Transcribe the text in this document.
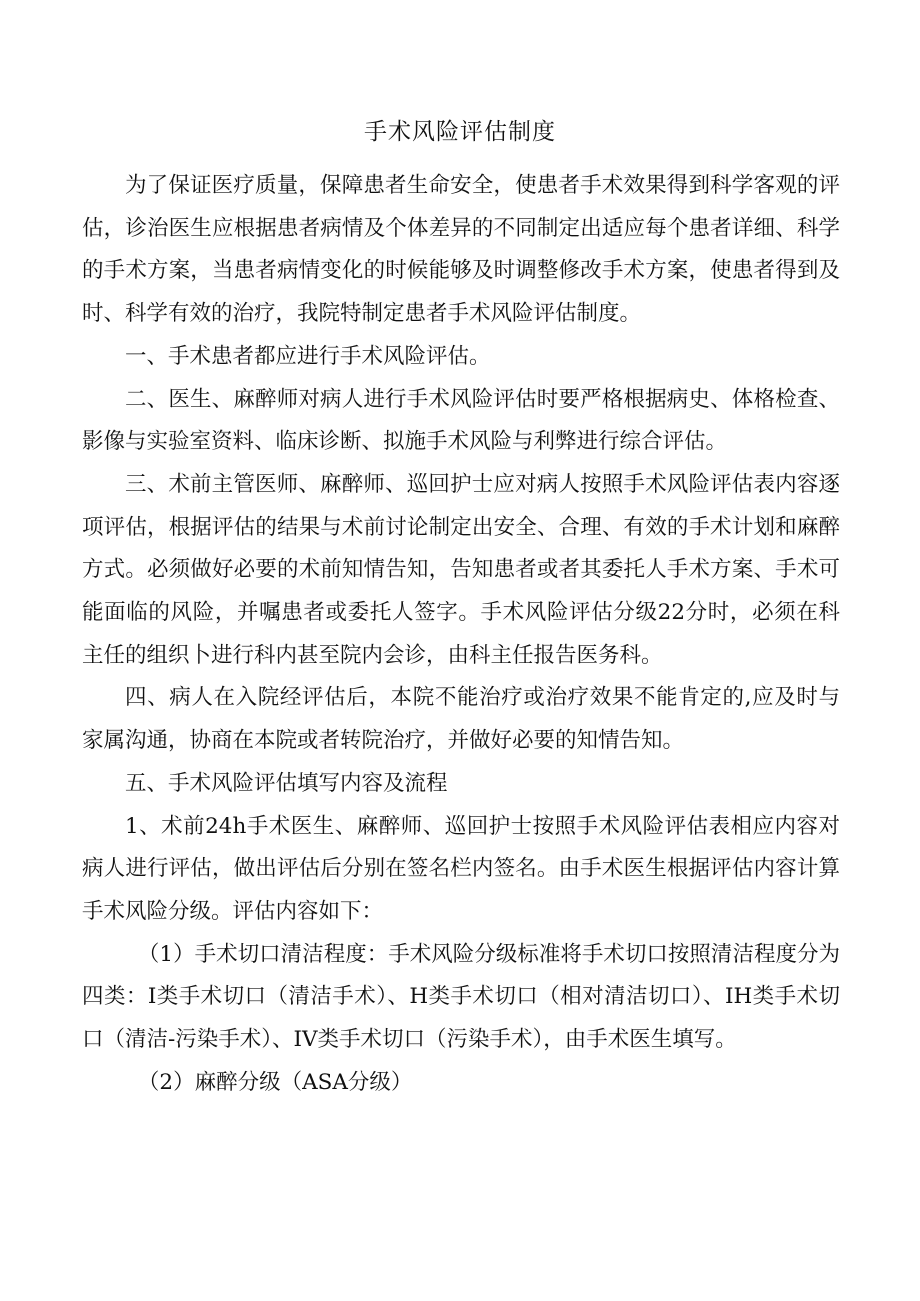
手术风险评估制度

为了保证医疗质量，保障患者生命安全，使患者手术效果得到科学客观的评估，诊治医生应根据患者病情及个体差异的不同制定出适应每个患者详细、科学的手术方案，当患者病情变化的时候能够及时调整修改手术方案，使患者得到及时、科学有效的治疗，我院特制定患者手术风险评估制度。

一、手术患者都应进行手术风险评估。

二、医生、麻醉师对病人进行手术风险评估时要严格根据病史、体格检查、影像与实验室资料、临床诊断、拟施手术风险与利弊进行综合评估。

三、术前主管医师、麻醉师、巡回护士应对病人按照手术风险评估表内容逐项评估，根据评估的结果与术前讨论制定出安全、合理、有效的手术计划和麻醉方式。必须做好必要的术前知情告知，告知患者或者其委托人手术方案、手术可能面临的风险，并嘱患者或委托人签字。手术风险评估分级22分时，必须在科主任的组织卜进行科内甚至院内会诊，由科主任报告医务科。

四、病人在入院经评估后，本院不能治疗或治疗效果不能肯定的,应及时与家属沟通，协商在本院或者转院治疗，并做好必要的知情告知。

五、手术风险评估填写内容及流程

1、术前24h手术医生、麻醉师、巡回护士按照手术风险评估表相应内容对病人进行评估，做出评估后分别在签名栏内签名。由手术医生根据评估内容计算手术风险分级。评估内容如下：

（1）手术切口清洁程度：手术风险分级标准将手术切口按照清洁程度分为四类：I类手术切口（清洁手术）、H类手术切口（相对清洁切口）、IH类手术切口（清洁-污染手术）、IV类手术切口（污染手术），由手术医生填写。

（2）麻醉分级（ASA分级）
